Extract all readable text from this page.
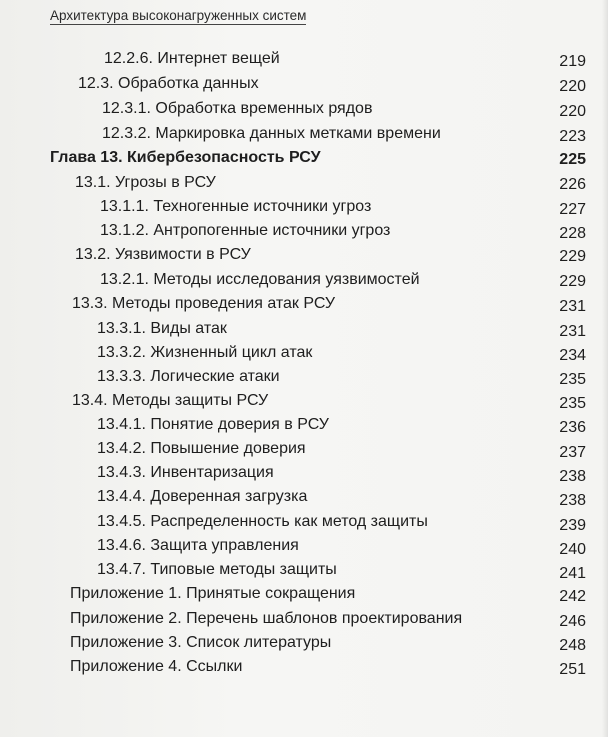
Архитектура высоконагруженных систем
12.2.6. Интернет вещей	219
12.3. Обработка данных	220
12.3.1. Обработка временных рядов	220
12.3.2. Маркировка данных метками времени	223
Глава 13. Кибербезопасность РСУ	225
13.1. Угрозы в РСУ	226
13.1.1. Техногенные источники угроз	227
13.1.2. Антропогенные источники угроз	228
13.2. Уязвимости в РСУ	229
13.2.1. Методы исследования уязвимостей	229
13.3. Методы проведения атак РСУ	231
13.3.1. Виды атак	231
13.3.2. Жизненный цикл атак	234
13.3.3. Логические атаки	235
13.4. Методы защиты РСУ	235
13.4.1. Понятие доверия в РСУ	236
13.4.2. Повышение доверия	237
13.4.3. Инвентаризация	238
13.4.4. Доверенная загрузка	238
13.4.5. Распределенность как метод защиты	239
13.4.6. Защита управления	240
13.4.7. Типовые методы защиты	241
Приложение 1. Принятые сокращения	242
Приложение 2. Перечень шаблонов проектирования	246
Приложение 3. Список литературы	248
Приложение 4. Ссылки	251
